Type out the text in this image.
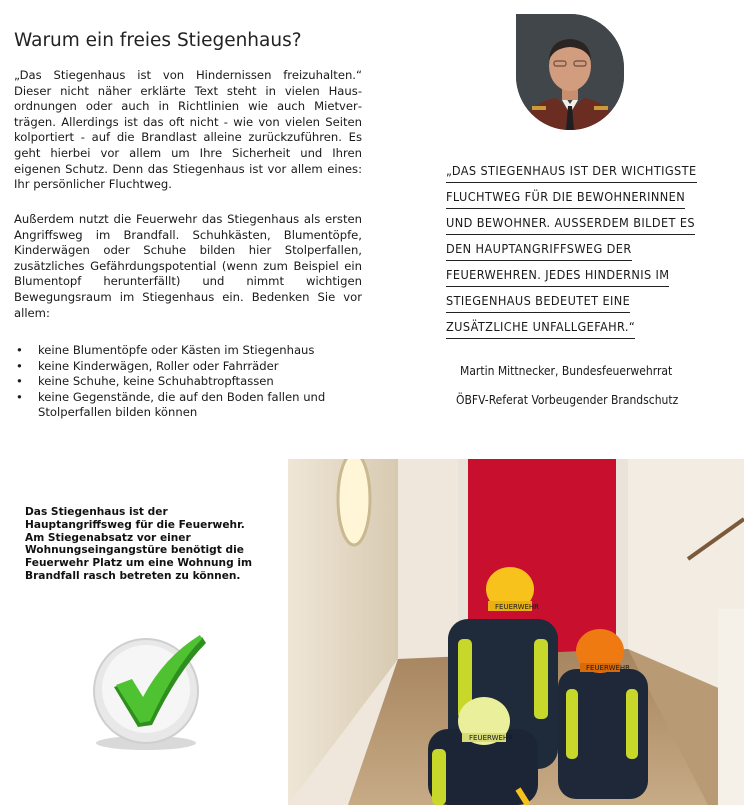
Warum ein freies Stiegenhaus?

„Das Stiegenhaus ist von Hindernissen freizuhalten.“ Dieser nicht näher erklärte Text steht in vielen Hausordnungen oder auch in Richtlinien wie auch Mietverträgen. Allerdings ist das oft nicht - wie von vielen Seiten kolportiert - auf die Brandlast alleine zurückzuführen. Es geht hierbei vor allem um Ihre Sicherheit und Ihren eigenen Schutz. Denn das Stiegenhaus ist vor allem eines: Ihr persönlicher Fluchtweg.

Außerdem nutzt die Feuerwehr das Stiegenhaus als ersten Angriffsweg im Brandfall. Schuhkästen, Blumentöpfe, Kinderwägen oder Schuhe bilden hier Stolperfallen, zusätzliches Gefährdungspotential (wenn zum Beispiel ein Blumentopf herunterfällt) und nimmt wichtigen Bewegungsraum im Stiegenhaus ein. Bedenken Sie vor allem:

• keine Blumentöpfe oder Kästen im Stiegenhaus
• keine Kinderwägen, Roller oder Fahrräder
• keine Schuhe, keine Schuhabtropftassen
• keine Gegenstände, die auf den Boden fallen und Stolperfallen bilden können
„DAS STIEGENHAUS IST DER WICHTIGSTE
FLUCHTWEG FÜR DIE BEWOHNERINNEN
UND BEWOHNER. AUSSERDEM BILDET ES
DEN HAUPTANGRIFFSWEG DER
FEUERWEHREN. JEDES HINDERNIS IM
STIEGENHAUS BEDEUTET EINE
ZUSÄTZLICHE UNFALLGEFAHR.“

Martin Mittnecker, Bundesfeuerwehrrat
ÖBFV-Referat Vorbeugender Brandschutz

Das Stiegenhaus ist der Hauptangriffsweg für die Feuerwehr. Am Stiegenabsatz vor einer Wohnungseingangstüre benötigt die Feuerwehr Platz um eine Wohnung im Brandfall rasch betreten zu können.

FEUERWEHR
FEUERWEHR
FEUERWEHR
